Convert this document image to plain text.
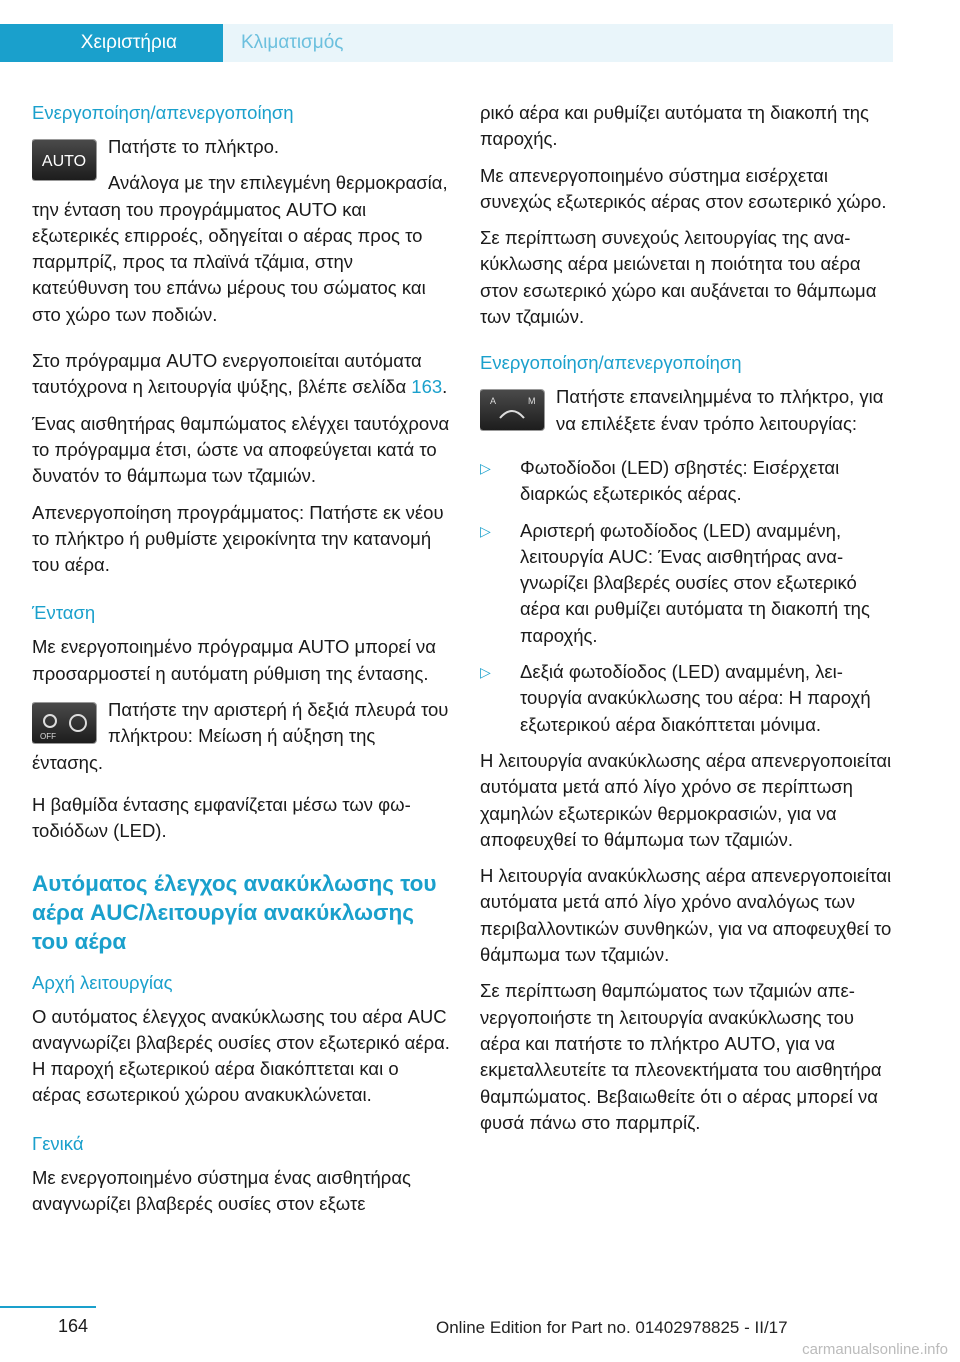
Χειριστήρια	Κλιματισμός
Ενεργοποίηση/απενεργοποίηση
AUTO

Πατήστε το πλήκτρο.

Ανάλογα με την επιλεγμένη θερμοκρασία, την ένταση του προγράμματος AUTO και εξωτερικές επιρροές, οδηγείται ο αέρας προς το παρμπρίζ, προς τα πλαϊνά τζάμια, στην κατεύθυνση του επάνω μέρους του σώματος και στο χώρο των ποδιών.

Στο πρόγραμμα AUTO ενεργοποιείται αυτόματα ταυτόχρονα η λειτουργία ψύξης, βλέπε σελίδα 163.

Ένας αισθητήρας θαμπώματος ελέγχει ταυτόχρονα το πρόγραμμα έτσι, ώστε να αποφεύγεται κατά το δυνατόν το θάμπωμα των τζαμιών.

Απενεργοποίηση προγράμματος: Πατήστε εκ νέου το πλήκτρο ή ρυθμίστε χειροκίνητα την κατανομή του αέρα.

Ένταση

Με ενεργοποιημένο πρόγραμμα AUTO μπορεί να προσαρμοστεί η αυτόματη ρύθμιση της έντασης.

OFF

Πατήστε την αριστερή ή δεξιά πλευρά του πλήκτρου: Μείωση ή αύξηση της έντασης.

Η βαθμίδα έντασης εμφανίζεται μέσω των φωτοδιόδων (LED).

Αυτόματος έλεγχος ανακύκλωσης του αέρα AUC/λειτουργία ανακύκλωσης του αέρα
Αρχή λειτουργίας

Ο αυτόματος έλεγχος ανακύκλωσης του αέρα AUC αναγνωρίζει βλαβερές ουσίες στον εξωτερικό αέρα. Η παροχή εξωτερικού αέρα διακόπτεται και ο αέρας εσωτερικού χώρου ανακυκλώνεται.

Γενικά

Με ενεργοποιημένο σύστημα ένας αισθητήρας αναγνωρίζει βλαβερές ουσίες στον εξωτε

ρικό αέρα και ρυθμίζει αυτόματα τη διακοπή της παροχής.

Με απενεργοποιημένο σύστημα εισέρχεται συνεχώς εξωτερικός αέρας στον εσωτερικό χώρο.

Σε περίπτωση συνεχούς λειτουργίας της ανακύκλωσης αέρα μειώνεται η ποιότητα του αέρα στον εσωτερικό χώρο και αυξάνεται το θάμπωμα των τζαμιών.

Ενεργοποίηση/απενεργοποίηση
A	M	Πατήστε επανειλημμένα το πλήκτρο, για να επιλέξετε έναν τρόπο λειτουργίας:

▷ Φωτοδίοδοι (LED) σβηστές: Εισέρχεται διαρκώς εξωτερικός αέρας.
▷ Αριστερή φωτοδίοδος (LED) αναμμένη, λειτουργία AUC: Ένας αισθητήρας αναγνωρίζει βλαβερές ουσίες στον εξωτερικό αέρα και ρυθμίζει αυτόματα τη διακοπή της παροχής.
▷ Δεξιά φωτοδίοδος (LED) αναμμένη, λειτουργία ανακύκλωσης του αέρα: Η παροχή εξωτερικού αέρα διακόπτεται μόνιμα.

Η λειτουργία ανακύκλωσης αέρα απενεργοποιείται αυτόματα μετά από λίγο χρόνο σε περίπτωση χαμηλών εξωτερικών θερμοκρασιών, για να αποφευχθεί το θάμπωμα των τζαμιών.

Η λειτουργία ανακύκλωσης αέρα απενεργοποιείται αυτόματα μετά από λίγο χρόνο αναλόγως των περιβαλλοντικών συνθηκών, για να αποφευχθεί το θάμπωμα των τζαμιών.

Σε περίπτωση θαμπώματος των τζαμιών απενεργοποιήστε τη λειτουργία ανακύκλωσης του αέρα και πατήστε το πλήκτρο AUTO, για να εκμεταλλευτείτε τα πλεονεκτήματα του αισθητήρα θαμπώματος. Βεβαιωθείτε ότι ο αέρας μπορεί να φυσά πάνω στο παρμπρίζ.

164	Online Edition for Part no. 01402978825 - II/17
carmanualsonline.info
